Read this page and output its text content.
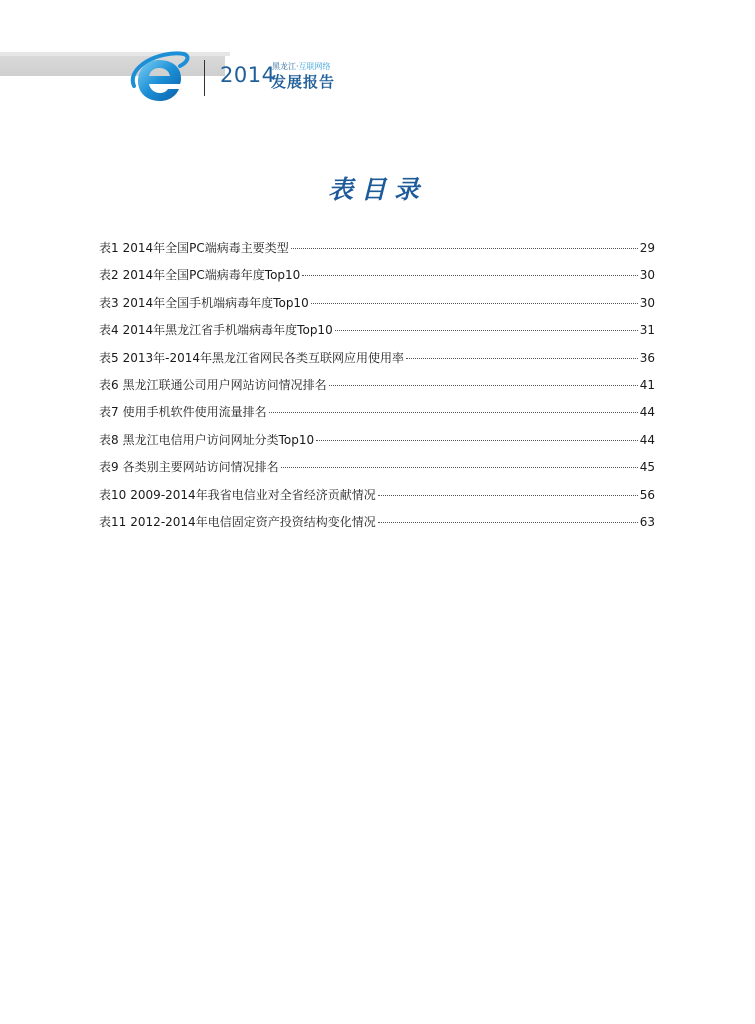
2014
黑龙江·互联网络
发展报告
表目录
表1 2014年全国PC端病毒主要类型	29
表2 2014年全国PC端病毒年度Top10	30
表3 2014年全国手机端病毒年度Top10	30
表4 2014年黑龙江省手机端病毒年度Top10	31
表5 2013年-2014年黑龙江省网民各类互联网应用使用率	36
表6 黑龙江联通公司用户网站访问情况排名	41
表7 使用手机软件使用流量排名	44
表8 黑龙江电信用户访问网址分类Top10	44
表9 各类别主要网站访问情况排名	45
表10 2009-2014年我省电信业对全省经济贡献情况	56
表11 2012-2014年电信固定资产投资结构变化情况	63
